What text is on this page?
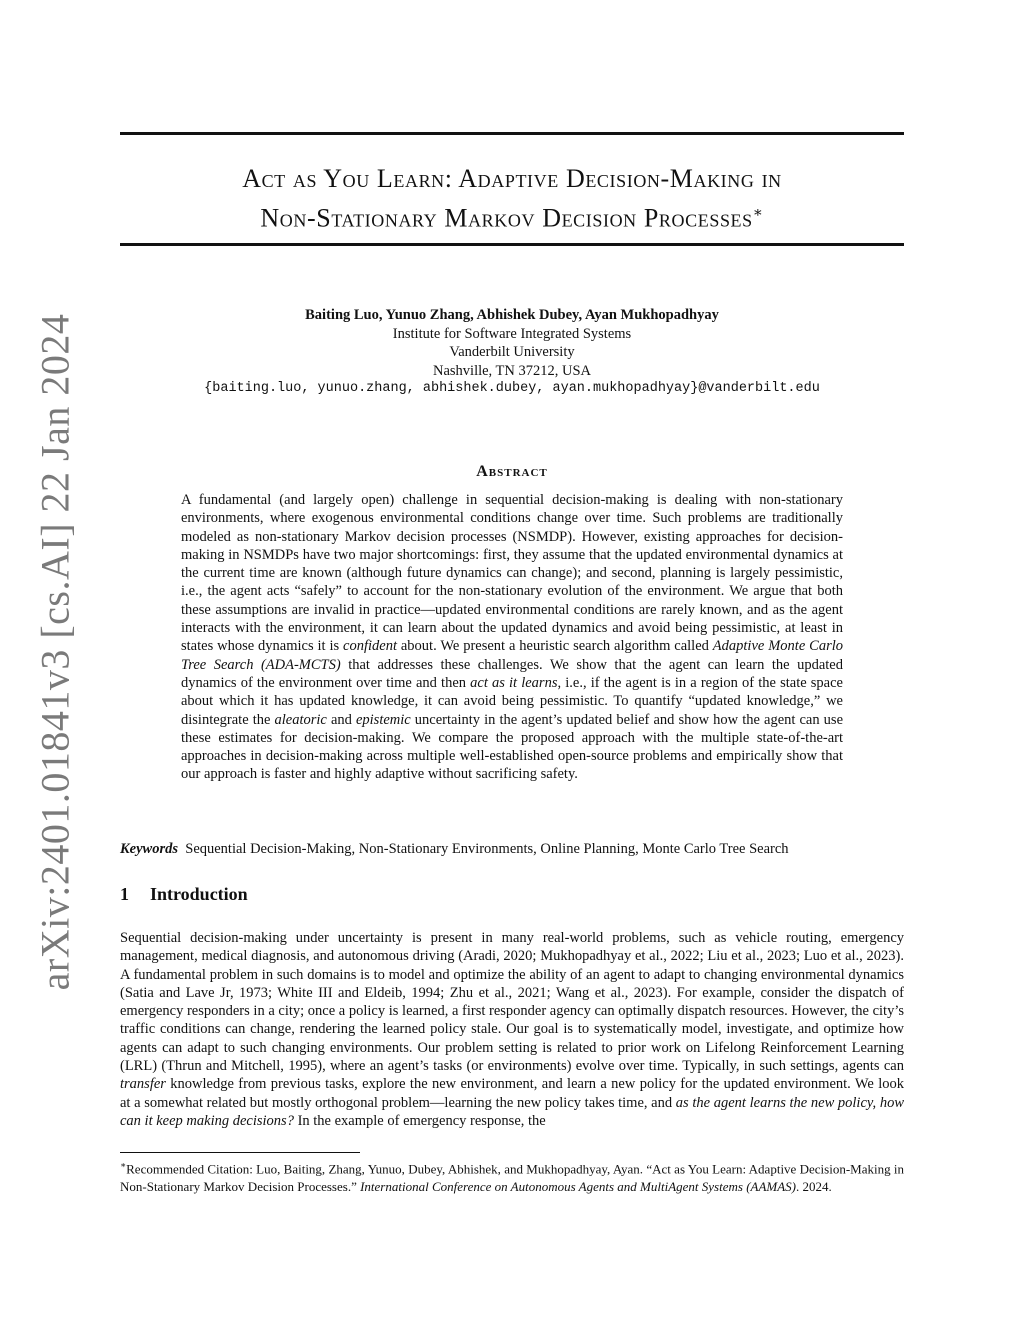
arXiv:2401.01841v3 [cs.AI] 22 Jan 2024
Act as You Learn: Adaptive Decision-Making in
Non-Stationary Markov Decision Processes∗
Baiting Luo, Yunuo Zhang, Abhishek Dubey, Ayan Mukhopadhyay
Institute for Software Integrated Systems
Vanderbilt University
Nashville, TN 37212, USA
{baiting.luo, yunuo.zhang, abhishek.dubey, ayan.mukhopadhyay}@vanderbilt.edu
Abstract
A fundamental (and largely open) challenge in sequential decision-making is dealing with non-stationary environments, where exogenous environmental conditions change over time. Such problems are traditionally modeled as non-stationary Markov decision processes (NSMDP). However, existing approaches for decision-making in NSMDPs have two major shortcomings: first, they assume that the updated environmental dynamics at the current time are known (although future dynamics can change); and second, planning is largely pessimistic, i.e., the agent acts “safely” to account for the non-stationary evolution of the environment. We argue that both these assumptions are invalid in practice—updated environmental conditions are rarely known, and as the agent interacts with the environment, it can learn about the updated dynamics and avoid being pessimistic, at least in states whose dynamics it is confident about. We present a heuristic search algorithm called Adaptive Monte Carlo Tree Search (ADA-MCTS) that addresses these challenges. We show that the agent can learn the updated dynamics of the environment over time and then act as it learns, i.e., if the agent is in a region of the state space about which it has updated knowledge, it can avoid being pessimistic. To quantify “updated knowledge,” we disintegrate the aleatoric and epistemic uncertainty in the agent’s updated belief and show how the agent can use these estimates for decision-making. We compare the proposed approach with the multiple state-of-the-art approaches in decision-making across multiple well-established open-source problems and empirically show that our approach is faster and highly adaptive without sacrificing safety.
Keywords Sequential Decision-Making, Non-Stationary Environments, Online Planning, Monte Carlo Tree Search
1 Introduction
Sequential decision-making under uncertainty is present in many real-world problems, such as vehicle routing, emergency management, medical diagnosis, and autonomous driving (Aradi, 2020; Mukhopadhyay et al., 2022; Liu et al., 2023; Luo et al., 2023). A fundamental problem in such domains is to model and optimize the ability of an agent to adapt to changing environmental dynamics (Satia and Lave Jr, 1973; White III and Eldeib, 1994; Zhu et al., 2021; Wang et al., 2023). For example, consider the dispatch of emergency responders in a city; once a policy is learned, a first responder agency can optimally dispatch resources. However, the city’s traffic conditions can change, rendering the learned policy stale. Our goal is to systematically model, investigate, and optimize how agents can adapt to such changing environments. Our problem setting is related to prior work on Lifelong Reinforcement Learning (LRL) (Thrun and Mitchell, 1995), where an agent’s tasks (or environments) evolve over time. Typically, in such settings, agents can transfer knowledge from previous tasks, explore the new environment, and learn a new policy for the updated environment. We look at a somewhat related but mostly orthogonal problem—learning the new policy takes time, and as the agent learns the new policy, how can it keep making decisions? In the example of emergency response, the
∗Recommended Citation: Luo, Baiting, Zhang, Yunuo, Dubey, Abhishek, and Mukhopadhyay, Ayan. “Act as You Learn: Adaptive Decision-Making in Non-Stationary Markov Decision Processes.” International Conference on Autonomous Agents and MultiAgent Systems (AAMAS). 2024.
